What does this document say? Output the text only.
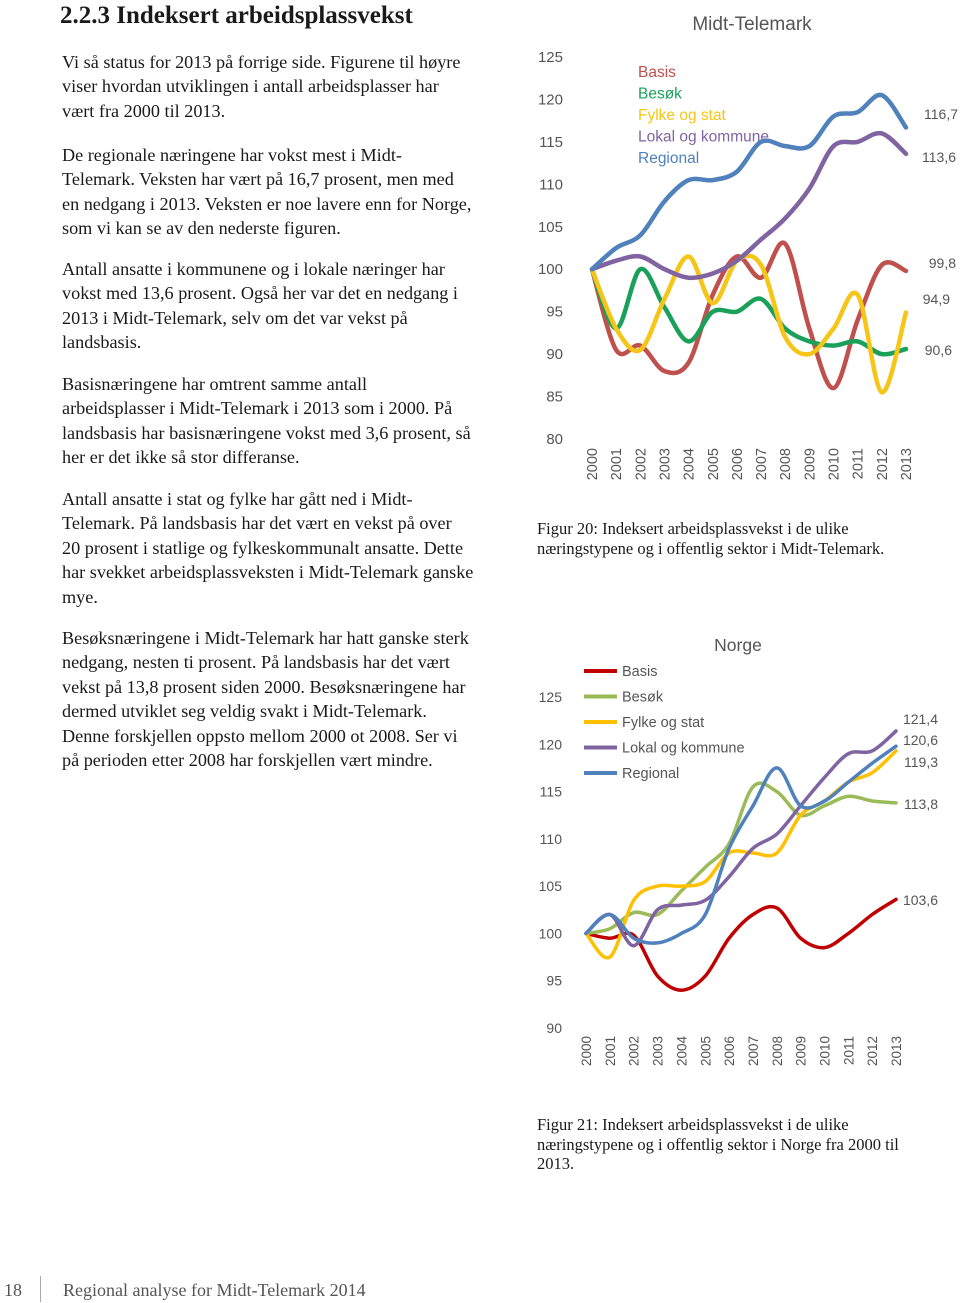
2.2.3 Indeksert arbeidsplassvekst

Vi så status for 2013 på forrige side. Figurene til høyre viser hvordan utviklingen i antall arbeidsplasser har vært fra 2000 til 2013.

De regionale næringene har vokst mest i Midt-Telemark. Veksten har vært på 16,7 prosent, men med en nedgang i 2013. Veksten er noe lavere enn for Norge, som vi kan se av den nederste figuren.

Antall ansatte i kommunene og i lokale næringer har vokst med 13,6 prosent. Også her var det en nedgang i 2013 i Midt-Telemark, selv om det var vekst på landsbasis.

Basisnæringene har omtrent samme antall arbeidsplasser i Midt-Telemark i 2013 som i 2000. På landsbasis har basisnæringene vokst med 3,6 prosent, så her er det ikke så stor differanse.

Antall ansatte i stat og fylke har gått ned i Midt-Telemark. På landsbasis har det vært en vekst på over 20 prosent i statlige og fylkeskommunalt ansatte. Dette har svekket arbeidsplassveksten i Midt-Telemark ganske mye.

Besøksnæringene i Midt-Telemark har hatt ganske sterk nedgang, nesten ti prosent. På landsbasis har det vært vekst på 13,8 prosent siden 2000. Besøksnæringene har dermed utviklet seg veldig svakt i Midt-Telemark. Denne forskjellen oppsto mellom 2000 ot 2008. Ser vi på perioden etter 2008 har forskjellen vært mindre.

Midt-Telemark
80
85
90
95
100
105
110
115
120
125
2000 2001 2002 2003 2004 2005 2006 2007 2008 2009 2010 2011 2012 2013
Basis
99,8
Besøk
90,6
Fylke og stat
94,9
Lokal og kommune
113,6
Regional
116,7
Norge
90
95
100
105
110
115
120
125
2000 2001 2002 2003 2004 2005 2006 2007 2008 2009 2010 2011 2012 2013
Basis
103,6
Besøk
113,8
Fylke og stat
119,3
Lokal og kommune
121,4
Regional
120,6

Figur 20: Indeksert arbeidsplassvekst i de ulike næringstypene og i offentlig sektor i Midt-Telemark.

Figur 21: Indeksert arbeidsplassvekst i de ulike næringstypene og i offentlig sektor i Norge fra 2000 til 2013.

18 Regional analyse for Midt-Telemark 2014
